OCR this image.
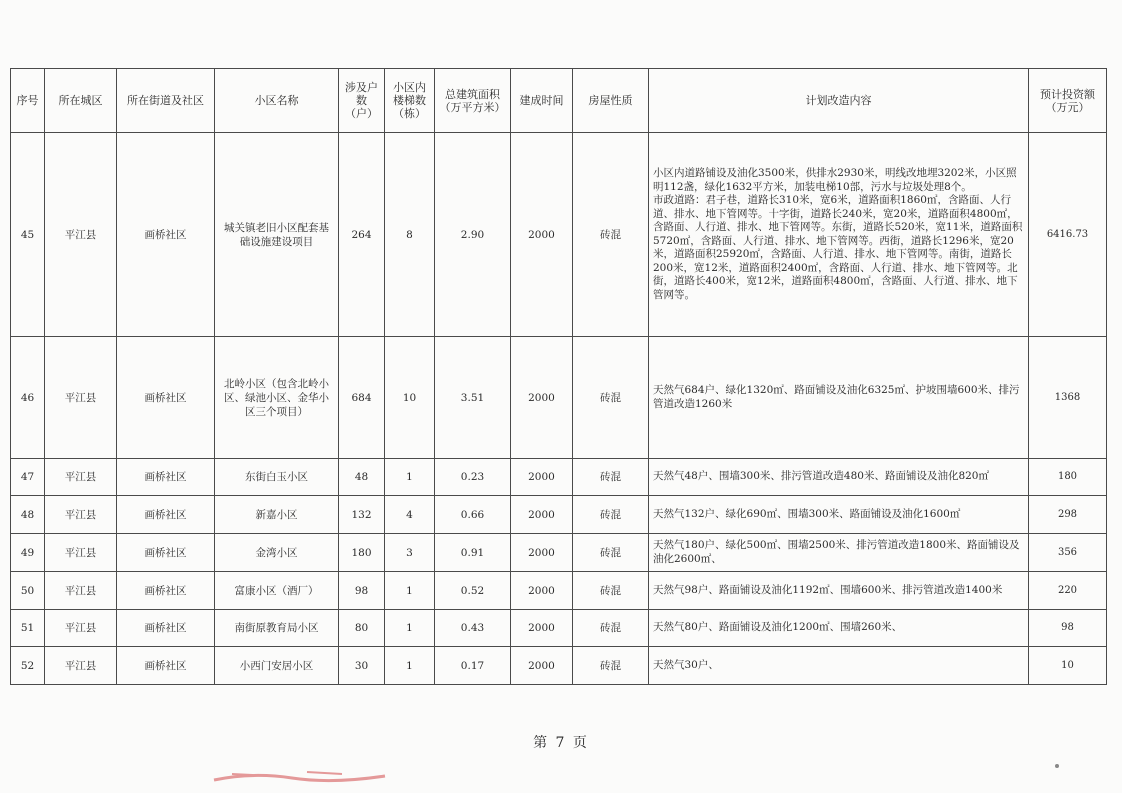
序号	所在城区	所在街道及社区	小区名称	涉及户数（户）	小区内楼梯数（栋）	总建筑面积（万平方米）	建成时间	房屋性质	计划改造内容	预计投资额（万元）
45	平江县	画桥社区	城关镇老旧小区配套基础设施建设项目	264	8	2.90	2000	砖混	小区内道路铺设及油化3500米，供排水2930米，明线改地埋3202米，小区照明112盏，绿化1632平方米，加装电梯10部，污水与垃圾处理8个。　　　　　　　市政道路：君子巷，道路长310米，宽6米，道路面积1860㎡，含路面、人行道、排水、地下管网等。十字街，道路长240米，宽20米，道路面积4800㎡，含路面、人行道、排水、地下管网等。东街，道路长520米，宽11米，道路面积5720㎡，含路面、人行道、排水、地下管网等。西街，道路长1296米，宽20米，道路面积25920㎡，含路面、人行道、排水、地下管网等。南街，道路长200米，宽12米，道路面积2400㎡，含路面、人行道、排水、地下管网等。北街，道路长400米，宽12米，道路面积4800㎡，含路面、人行道、排水、地下管网等。	6416.73
46	平江县	画桥社区	北岭小区（包含北岭小区、绿池小区、金华小区三个项目）	684	10	3.51	2000	砖混	天然气684户、绿化1320㎡、路面铺设及油化6325㎡、护坡围墙600米、排污管道改造1260米	1368
47	平江县	画桥社区	东街白玉小区	48	1	0.23	2000	砖混	天然气48户、围墙300米、排污管道改造480米、路面铺设及油化820㎡	180
48	平江县	画桥社区	新嘉小区	132	4	0.66	2000	砖混	天然气132户、绿化690㎡、围墙300米、路面铺设及油化1600㎡	298
49	平江县	画桥社区	金湾小区	180	3	0.91	2000	砖混	天然气180户、绿化500㎡、围墙2500米、排污管道改造1800米、路面铺设及油化2600㎡、	356
50	平江县	画桥社区	富康小区（酒厂）	98	1	0.52	2000	砖混	天然气98户、路面铺设及油化1192㎡、围墙600米、排污管道改造1400米	220
51	平江县	画桥社区	南街原教育局小区	80	1	0.43	2000	砖混	天然气80户、路面铺设及油化1200㎡、围墙260米、	98
52	平江县	画桥社区	小西门安居小区	30	1	0.17	2000	砖混	天然气30户、	10
第 7 页
